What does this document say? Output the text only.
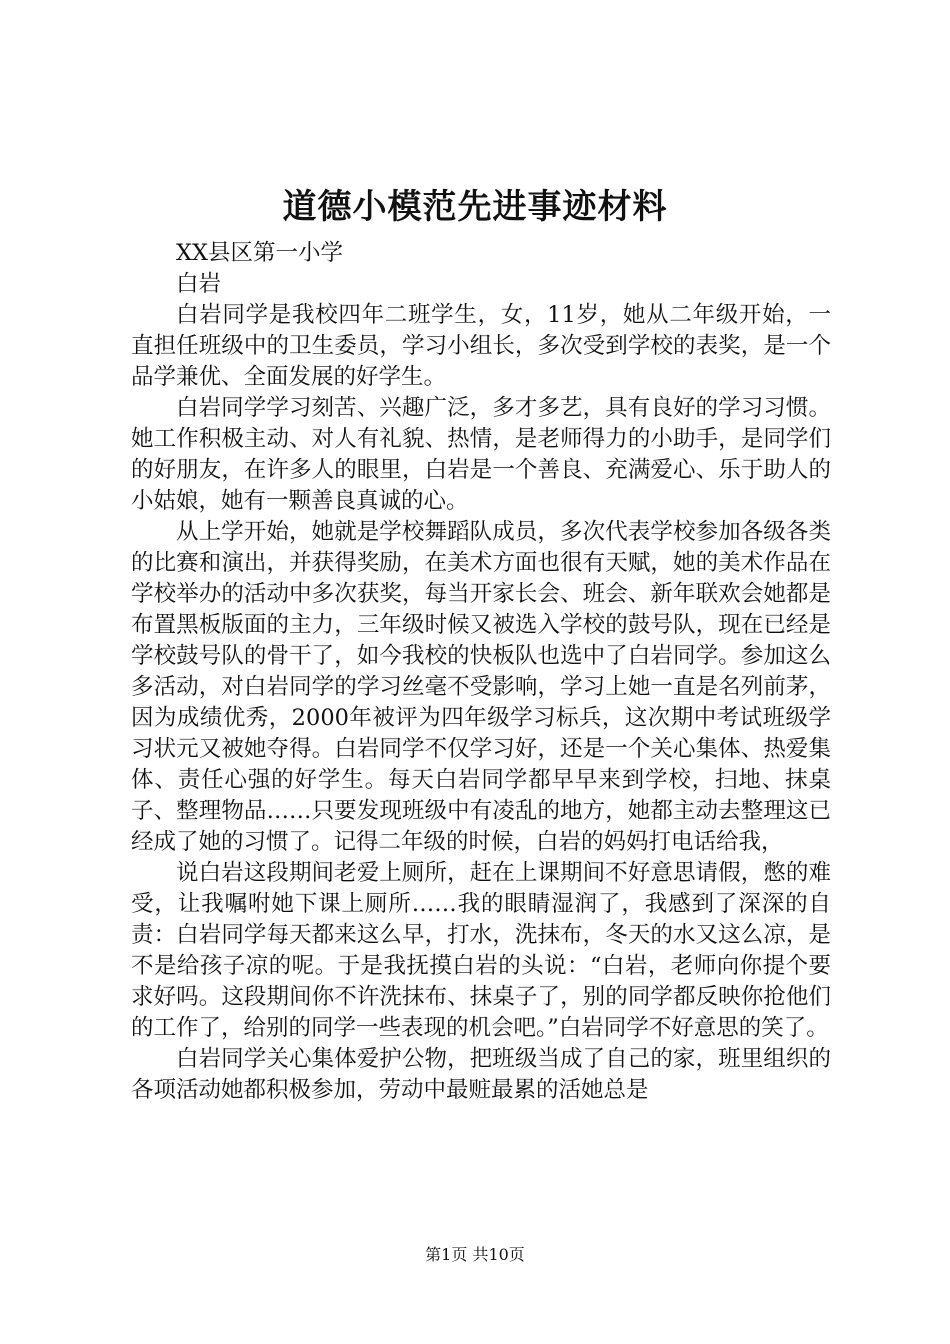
道德小模范先进事迹材料

XX县区第一小学

白岩

白岩同学是我校四年二班学生，女，11岁，她从二年级开始，一直担任班级中的卫生委员，学习小组长，多次受到学校的表奖，是一个品学兼优、全面发展的好学生。

白岩同学学习刻苦、兴趣广泛，多才多艺，具有良好的学习习惯。她工作积极主动、对人有礼貌、热情，是老师得力的小助手，是同学们的好朋友，在许多人的眼里，白岩是一个善良、充满爱心、乐于助人的小姑娘，她有一颗善良真诚的心。

从上学开始，她就是学校舞蹈队成员，多次代表学校参加各级各类的比赛和演出，并获得奖励，在美术方面也很有天赋，她的美术作品在学校举办的活动中多次获奖，每当开家长会、班会、新年联欢会她都是布置黑板版面的主力，三年级时候又被选入学校的鼓号队，现在已经是学校鼓号队的骨干了，如今我校的快板队也选中了白岩同学。参加这么多活动，对白岩同学的学习丝毫不受影响，学习上她一直是名列前茅，因为成绩优秀，2000年被评为四年级学习标兵，这次期中考试班级学习状元又被她夺得。白岩同学不仅学习好，还是一个关心集体、热爱集体、责任心强的好学生。每天白岩同学都早早来到学校，扫地、抹桌子、整理物品……只要发现班级中有凌乱的地方，她都主动去整理这已经成了她的习惯了。记得二年级的时候，白岩的妈妈打电话给我，

说白岩这段期间老爱上厕所，赶在上课期间不好意思请假，憋的难受，让我嘱咐她下课上厕所……我的眼睛湿润了，我感到了深深的自责：白岩同学每天都来这么早，打水，洗抹布，冬天的水又这么凉，是不是给孩子凉的呢。于是我抚摸白岩的头说：“白岩，老师向你提个要求好吗。这段期间你不许洗抹布、抹桌子了，别的同学都反映你抢他们的工作了，给别的同学一些表现的机会吧。”白岩同学不好意思的笑了。

白岩同学关心集体爱护公物，把班级当成了自己的家，班里组织的各项活动她都积极参加，劳动中最赃最累的活她总是

第1页 共10页
